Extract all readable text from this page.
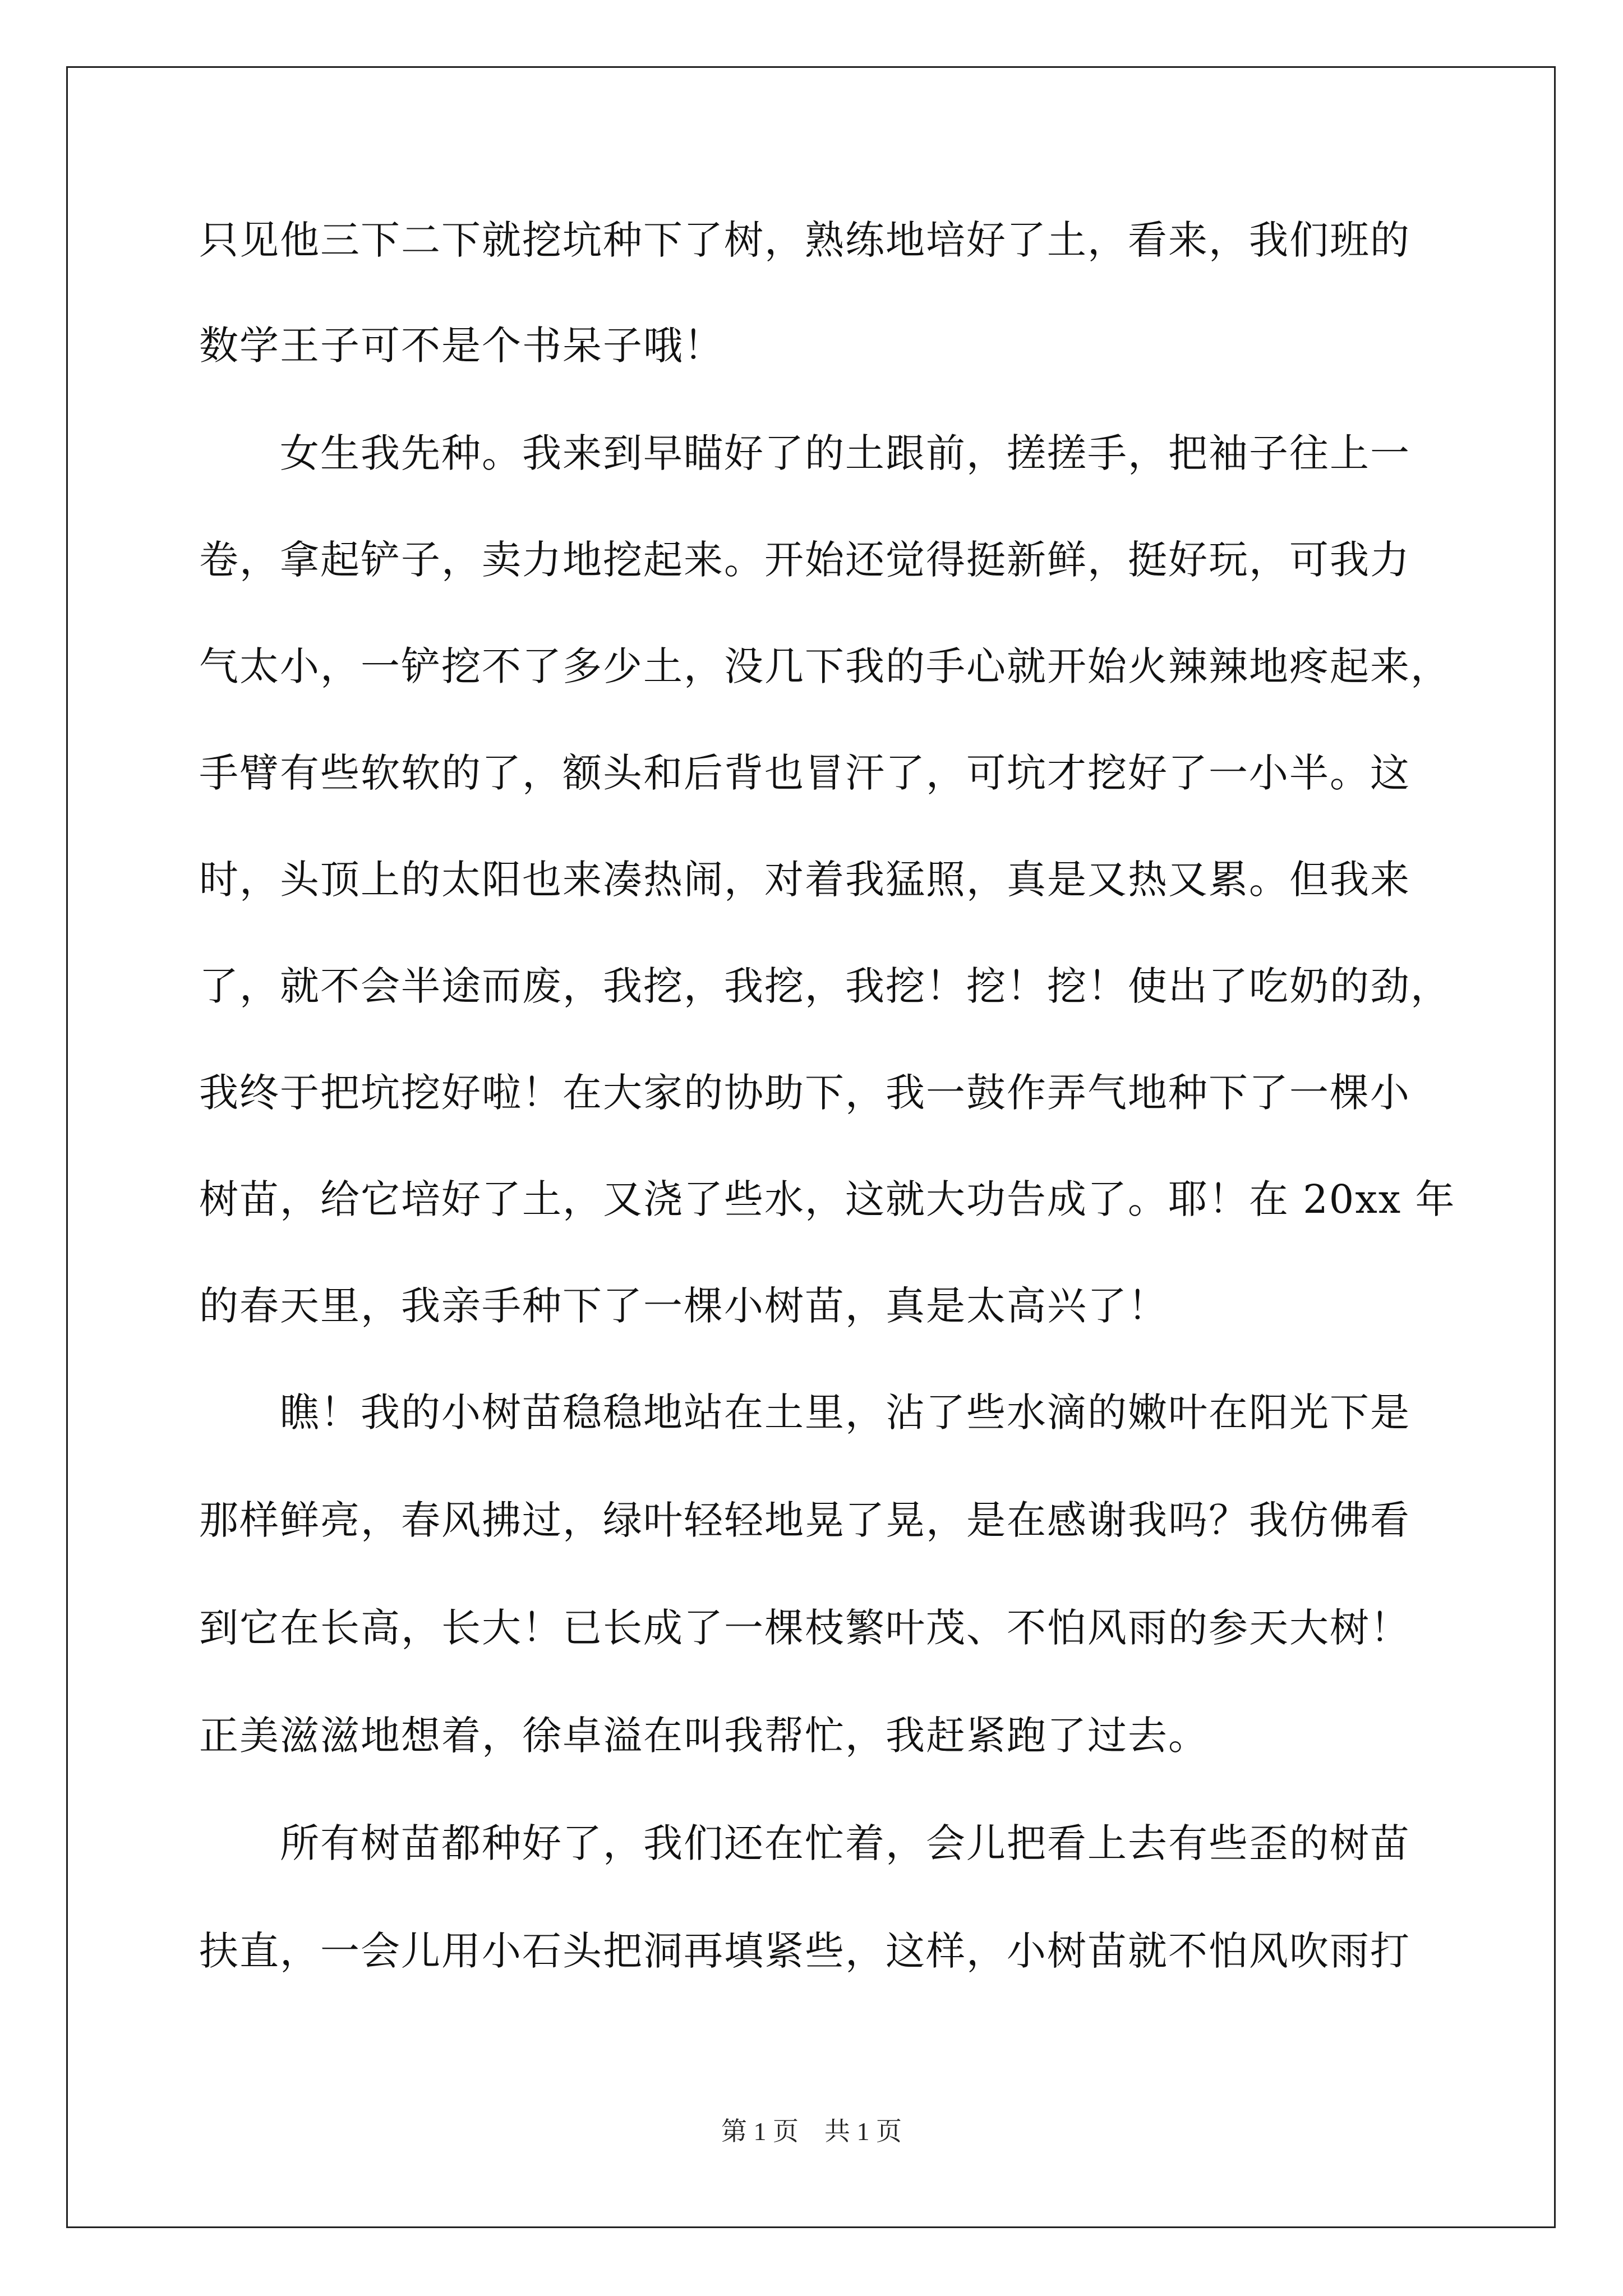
只见他三下二下就挖坑种下了树，熟练地培好了土，看来，我们班的
数学王子可不是个书呆子哦！
　　女生我先种。我来到早瞄好了的土跟前，搓搓手，把袖子往上一
卷，拿起铲子，卖力地挖起来。开始还觉得挺新鲜，挺好玩，可我力
气太小，一铲挖不了多少土，没几下我的手心就开始火辣辣地疼起来，
手臂有些软软的了，额头和后背也冒汗了，可坑才挖好了一小半。这
时，头顶上的太阳也来凑热闹，对着我猛照，真是又热又累。但我来
了，就不会半途而废，我挖，我挖，我挖！挖！挖！使出了吃奶的劲，
我终于把坑挖好啦！在大家的协助下，我一鼓作弄气地种下了一棵小
树苗，给它培好了土，又浇了些水，这就大功告成了。耶！在 20xx 年
的春天里，我亲手种下了一棵小树苗，真是太高兴了！
　　瞧！我的小树苗稳稳地站在土里，沾了些水滴的嫩叶在阳光下是
那样鲜亮，春风拂过，绿叶轻轻地晃了晃，是在感谢我吗？我仿佛看
到它在长高，长大！已长成了一棵枝繁叶茂、不怕风雨的参天大树！
正美滋滋地想着，徐卓溢在叫我帮忙，我赶紧跑了过去。
　　所有树苗都种好了，我们还在忙着，会儿把看上去有些歪的树苗
扶直，一会儿用小石头把洞再填紧些，这样，小树苗就不怕风吹雨打
第 1 页　共 1 页
